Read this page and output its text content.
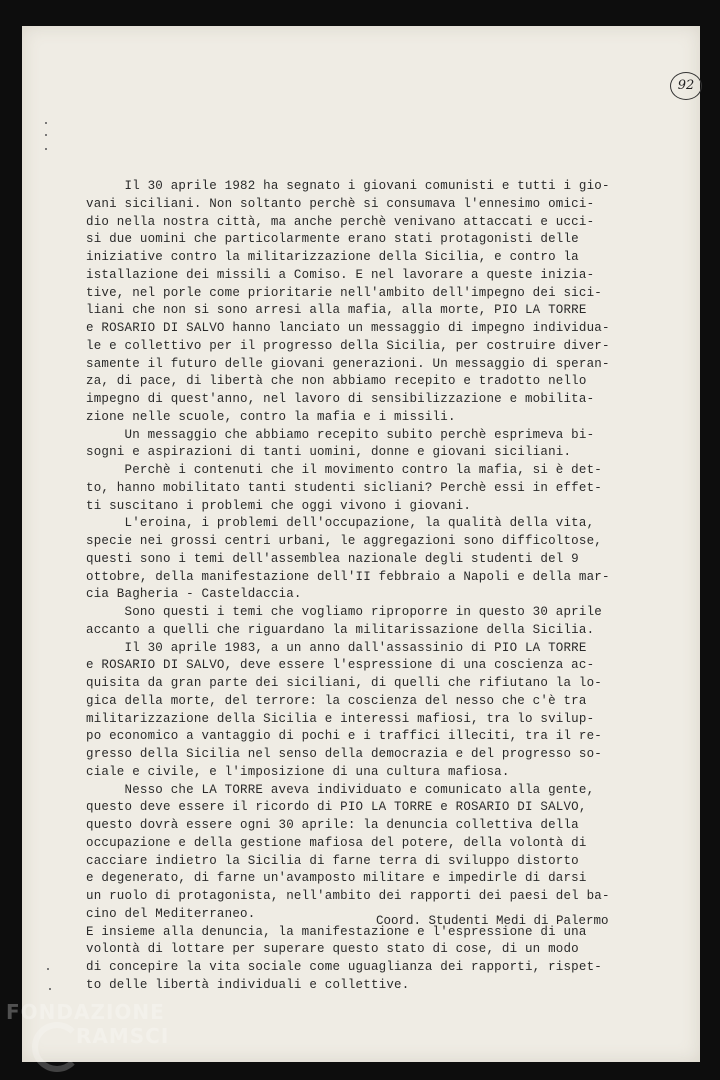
92
Il 30 aprile 1982 ha segnato i giovani comunisti e tutti i gio-
vani siciliani. Non soltanto perchè si consumava l'ennesimo omici-
dio nella nostra città, ma anche perchè venivano attaccati e ucci-
si due uomini che particolarmente erano stati protagonisti delle
iniziative contro la militarizzazione della Sicilia, e contro la
istallazione dei missili a Comiso. E nel lavorare a queste inizia-
tive, nel porle come prioritarie nell'ambito dell'impegno dei sici-
liani che non si sono arresi alla mafia, alla morte, PIO LA TORRE
e ROSARIO DI SALVO hanno lanciato un messaggio di impegno individua-
le e collettivo per il progresso della Sicilia, per costruire diver-
samente il futuro delle giovani generazioni. Un messaggio di speran-
za, di pace, di libertà che non abbiamo recepito e tradotto nello
impegno di quest'anno, nel lavoro di sensibilizzazione e mobilita-
zione nelle scuole, contro la mafia e i missili.
Un messaggio che abbiamo recepito subito perchè esprimeva bi-
sogni e aspirazioni di tanti uomini, donne e giovani siciliani.
Perchè i contenuti che il movimento contro la mafia, si è det-
to, hanno mobilitato tanti studenti sicliani? Perchè essi in effet-
ti suscitano i problemi che oggi vivono i giovani.
L'eroina, i problemi dell'occupazione, la qualità della vita,
specie nei grossi centri urbani, le aggregazioni sono difficoltose,
questi sono i temi dell'assemblea nazionale degli studenti del 9
ottobre, della manifestazione dell'II febbraio a Napoli e della mar-
cia Bagheria - Casteldaccia.
Sono questi i temi che vogliamo riproporre in questo 30 aprile
accanto a quelli che riguardano la militarissazione della Sicilia.
Il 30 aprile 1983, a un anno dall'assassinio di PIO LA TORRE
e ROSARIO DI SALVO, deve essere l'espressione di una coscienza ac-
quisita da gran parte dei siciliani, di quelli che rifiutano la lo-
gica della morte, del terrore: la coscienza del nesso che c'è tra
militarizzazione della Sicilia e interessi mafiosi, tra lo svilup-
po economico a vantaggio di pochi e i traffici illeciti, tra il re-
gresso della Sicilia nel senso della democrazia e del progresso so-
ciale e civile, e l'imposizione di una cultura mafiosa.
Nesso che LA TORRE aveva individuato e comunicato alla gente,
questo deve essere il ricordo di PIO LA TORRE e ROSARIO DI SALVO,
questo dovrà essere ogni 30 aprile: la denuncia collettiva della
occupazione e della gestione mafiosa del potere, della volontà di
cacciare indietro la Sicilia di farne terra di sviluppo distorto
e degenerato, di farne un'avamposto militare e impedirle di darsi
un ruolo di protagonista, nell'ambito dei rapporti dei paesi del ba-
cino del Mediterraneo.
E insieme alla denuncia, la manifestazione e l'espressione di una
volontà di lottare per superare questo stato di cose, di un modo
di concepire la vita sociale come uguaglianza dei rapporti, rispet-
to delle libertà individuali e collettive.
Coord. Studenti Medi di Palermo
FONDAZIONE
RAMSCI
